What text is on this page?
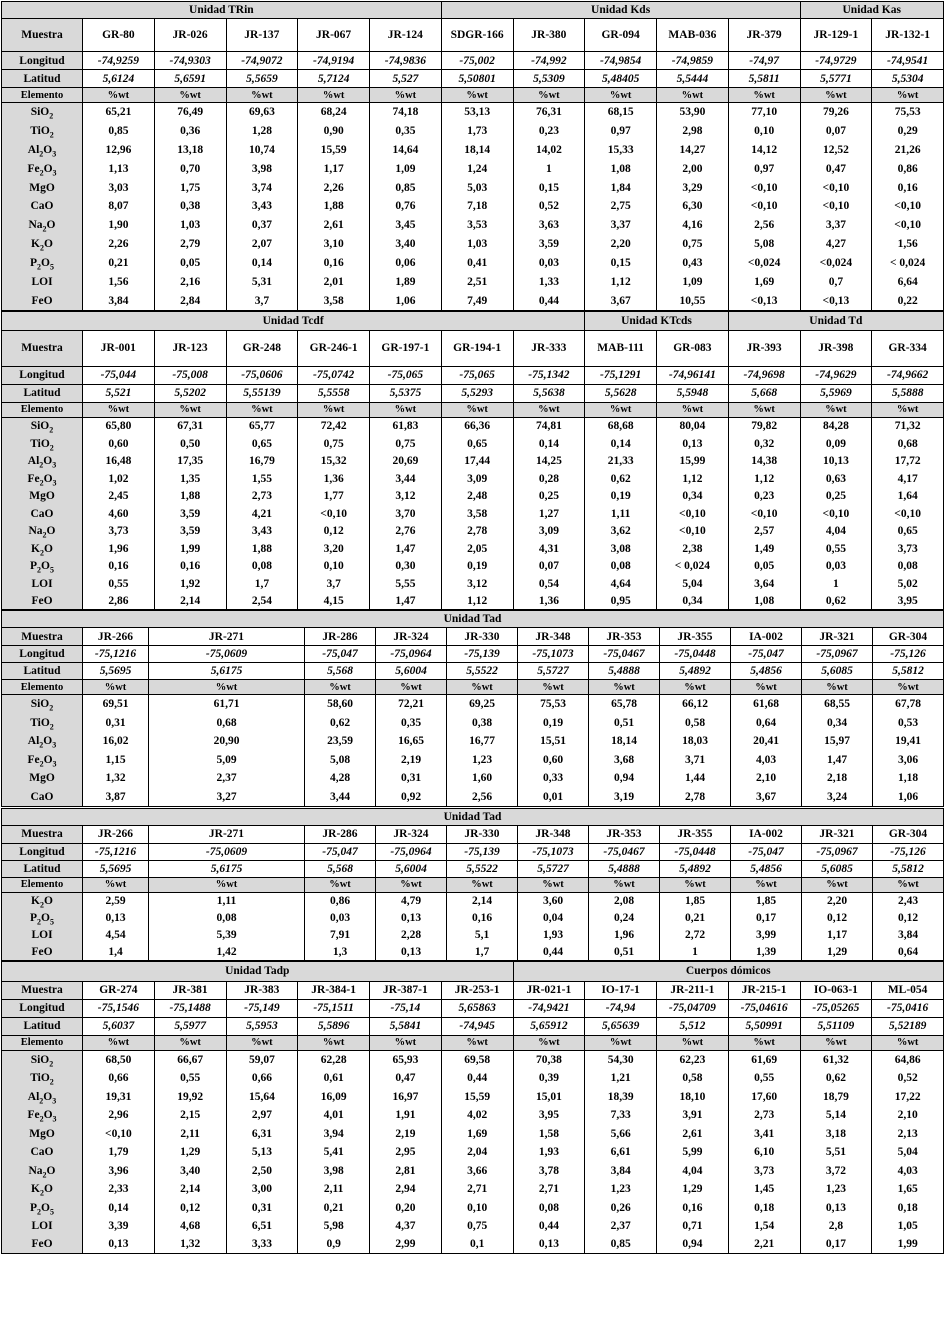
Unidad TRin						Unidad Kds					Unidad Kas	
Muestra	GR-80	JR-026	JR-137	JR-067	JR-124	SDGR-166	JR-380	GR-094	MAB-036	JR-379	JR-129-1	JR-132-1
Longitud	-74,9259	-74,9303	-74,9072	-74,9194	-74,9836	-75,002	-74,992	-74,9854	-74,9859	-74,97	-74,9729	-74,9541
Latitud	5,6124	5,6591	5,5659	5,7124	5,527	5,50801	5,5309	5,48405	5,5444	5,5811	5,5771	5,5304
Elemento	%wt	%wt	%wt	%wt	%wt	%wt	%wt	%wt	%wt	%wt	%wt	%wt
SiO$_2$	65,21	76,49	69,63	68,24	74,18	53,13	76,31	68,15	53,90	77,10	79,26	75,53
TiO$_2$	0,85	0,36	1,28	0,90	0,35	1,73	0,23	0,97	2,98	0,10	0,07	0,29
$Al_2O_3$	12,96	13,18	10,74	15,59	14,64	18,14	14,02	15,33	14,27	14,12	12,52	21,26
$Fe_2O_3$	1,13	0,70	3,98	1,17	1,09	1,24	1	1,08	2,00	0,97	0,47	0,86
MgO	3,03	1,75	3,74	2,26	0,85	5,03	0,15	1,84	3,29	<0,10	<0,10	0,16
CaO	8,07	0,38	3,43	1,88	0,76	7,18	0,52	2,75	6,30	<0,10	<0,10	<0,10
$Na_2O$	1,90	1,03	0,37	2,61	3,45	3,53	3,63	3,37	4,16	2,56	3,37	<0,10
$K_2O$	2,26	2,79	2,07	3,10	3,40	1,03	3,59	2,20	0,75	5,08	4,27	1,56
$P_2O_5$	0,21	0,05	0,14	0,16	0,06	0,41	0,03	0,15	0,43	<0,024	<0,024	< 0,024
LOI	1,56	2,16	5,31	2,01	1,89	2,51	1,33	1,12	1,09	1,69	0,7	6,64
FeO	3,84	2,84	3,7	3,58	1,06	7,49	0,44	3,67	10,55	<0,13	<0,13	0,22
Unidad Tcdf								Unidad KTcds		Unidad Td		
Muestra	JR-001	JR-123	GR-248	GR-246-1	GR-197-1	GR-194-1	JR-333	MAB-111	GR-083	JR-393	JR-398	GR-334
Longitud	-75,044	-75,008	-75,0606	-75,0742	-75,065	-75,065	-75,1342	-75,1291	-74,96141	-74,9698	-74,9629	-74,9662
Latitud	5,521	5,5202	5,55139	5,5558	5,5375	5,5293	5,5638	5,5628	5,5948	5,668	5,5969	5,5888
Elemento	%wt	%wt	%wt	%wt	%wt	%wt	%wt	%wt	%wt	%wt	%wt	%wt
SiO$_2$	65,80	67,31	65,77	72,42	61,83	66,36	74,81	68,68	80,04	79,82	84,28	71,32
TiO$_2$	0,60	0,50	0,65	0,75	0,75	0,65	0,14	0,14	0,13	0,32	0,09	0,68
$Al_2O_3$	16,48	17,35	16,79	15,32	20,69	17,44	14,25	21,33	15,99	14,38	10,13	17,72
$Fe_2O_3$	1,02	1,35	1,55	1,36	3,44	3,09	0,28	0,62	1,12	1,12	0,63	4,17
MgO	2,45	1,88	2,73	1,77	3,12	2,48	0,25	0,19	0,34	0,23	0,25	1,64
CaO	4,60	3,59	4,21	<0,10	3,70	3,58	1,27	1,11	<0,10	<0,10	<0,10	<0,10
$Na_2O$	3,73	3,59	3,43	0,12	2,76	2,78	3,09	3,62	<0,10	2,57	4,04	0,65
$K_2O$	1,96	1,99	1,88	3,20	1,47	2,05	4,31	3,08	2,38	1,49	0,55	3,73
$P_2O_5$	0,16	0,16	0,08	0,10	0,30	0,19	0,07	0,08	< 0,024	0,05	0,03	0,08
LOI	0,55	1,92	1,7	3,7	5,55	3,12	0,54	4,64	5,04	3,64	1	5,02
FeO	2,86	2,14	2,54	4,15	1,47	1,12	1,36	0,95	0,34	1,08	0,62	3,95
Unidad Tad											
Muestra	JR-266	JR-271	JR-286	JR-324	JR-330	JR-348	JR-353	JR-355	IA-002	JR-321	GR-304
Longitud	-75,1216	-75,0609	-75,047	-75,0964	-75,139	-75,1073	-75,0467	-75,0448	-75,047	-75,0967	-75,126
Latitud	5,5695	5,6175	5,568	5,6004	5,5522	5,5727	5,4888	5,4892	5,4856	5,6085	5,5812
Elemento	%wt	%wt	%wt	%wt	%wt	%wt	%wt	%wt	%wt	%wt	%wt
SiO$_2$	69,51	61,71	58,60	72,21	69,25	75,53	65,78	66,12	61,68	68,55	67,78
TiO$_2$	0,31	0,68	0,62	0,35	0,38	0,19	0,51	0,58	0,64	0,34	0,53
$Al_2O_3$	16,02	20,90	23,59	16,65	16,77	15,51	18,14	18,03	20,41	15,97	19,41
$Fe_2O_3$	1,15	5,09	5,08	2,19	1,23	0,60	3,68	3,71	4,03	1,47	3,06
MgO	1,32	2,37	4,28	0,31	1,60	0,33	0,94	1,44	2,10	2,18	1,18
CaO	3,87	3,27	3,44	0,92	2,56	0,01	3,19	2,78	3,67	3,24	1,06
Unidad Tad											
Muestra	JR-266	JR-271	JR-286	JR-324	JR-330	JR-348	JR-353	JR-355	IA-002	JR-321	GR-304
Longitud	-75,1216	-75,0609	-75,047	-75,0964	-75,139	-75,1073	-75,0467	-75,0448	-75,047	-75,0967	-75,126
Latitud	5,5695	5,6175	5,568	5,6004	5,5522	5,5727	5,4888	5,4892	5,4856	5,6085	5,5812
Elemento	%wt	%wt	%wt	%wt	%wt	%wt	%wt	%wt	%wt	%wt	%wt
$K_2O$	2,59	1,11	0,86	4,79	2,14	3,60	2,08	1,85	1,85	2,20	2,43
$P_2O_5$	0,13	0,08	0,03	0,13	0,16	0,04	0,24	0,21	0,17	0,12	0,12
LOI	4,54	5,39	7,91	2,28	5,1	1,93	1,96	2,72	3,99	1,17	3,84
FeO	1,4	1,42	1,3	0,13	1,7	0,44	0,51	1	1,39	1,29	0,64
Unidad Tadp							Cuerpos dómicos					
Muestra	GR-274	JR-381	JR-383	JR-384-1	JR-387-1	JR-253-1	JR-021-1	IO-17-1	JR-211-1	JR-215-1	IO-063-1	ML-054
Longitud	-75,1546	-75,1488	-75,149	-75,1511	-75,14	5,65863	-74,9421	-74,94	-75,04709	-75,04616	-75,05265	-75,0416
Latitud	5,6037	5,5977	5,5953	5,5896	5,5841	-74,945	5,65912	5,65639	5,512	5,50991	5,51109	5,52189
Elemento	%wt	%wt	%wt	%wt	%wt	%wt	%wt	%wt	%wt	%wt	%wt	%wt
SiO$_2$	68,50	66,67	59,07	62,28	65,93	69,58	70,38	54,30	62,23	61,69	61,32	64,86
TiO$_2$	0,66	0,55	0,66	0,61	0,47	0,44	0,39	1,21	0,58	0,55	0,62	0,52
$Al_2O_3$	19,31	19,92	15,64	16,09	16,97	15,59	15,01	18,39	18,10	17,60	18,79	17,22
$Fe_2O_3$	2,96	2,15	2,97	4,01	1,91	4,02	3,95	7,33	3,91	2,73	5,14	2,10
MgO	<0,10	2,11	6,31	3,94	2,19	1,69	1,58	5,66	2,61	3,41	3,18	2,13
CaO	1,79	1,29	5,13	5,41	2,95	2,04	1,93	6,61	5,99	6,10	5,51	5,04
$Na_2O$	3,96	3,40	2,50	3,98	2,81	3,66	3,78	3,84	4,04	3,73	3,72	4,03
$K_2O$	2,33	2,14	3,00	2,11	2,94	2,71	2,71	1,23	1,29	1,45	1,23	1,65
$P_2O_5$	0,14	0,12	0,31	0,21	0,20	0,10	0,08	0,26	0,16	0,18	0,13	0,18
LOI	3,39	4,68	6,51	5,98	4,37	0,75	0,44	2,37	0,71	1,54	2,8	1,05
FeO	0,13	1,32	3,33	0,9	2,99	0,1	0,13	0,85	0,94	2,21	0,17	1,99
